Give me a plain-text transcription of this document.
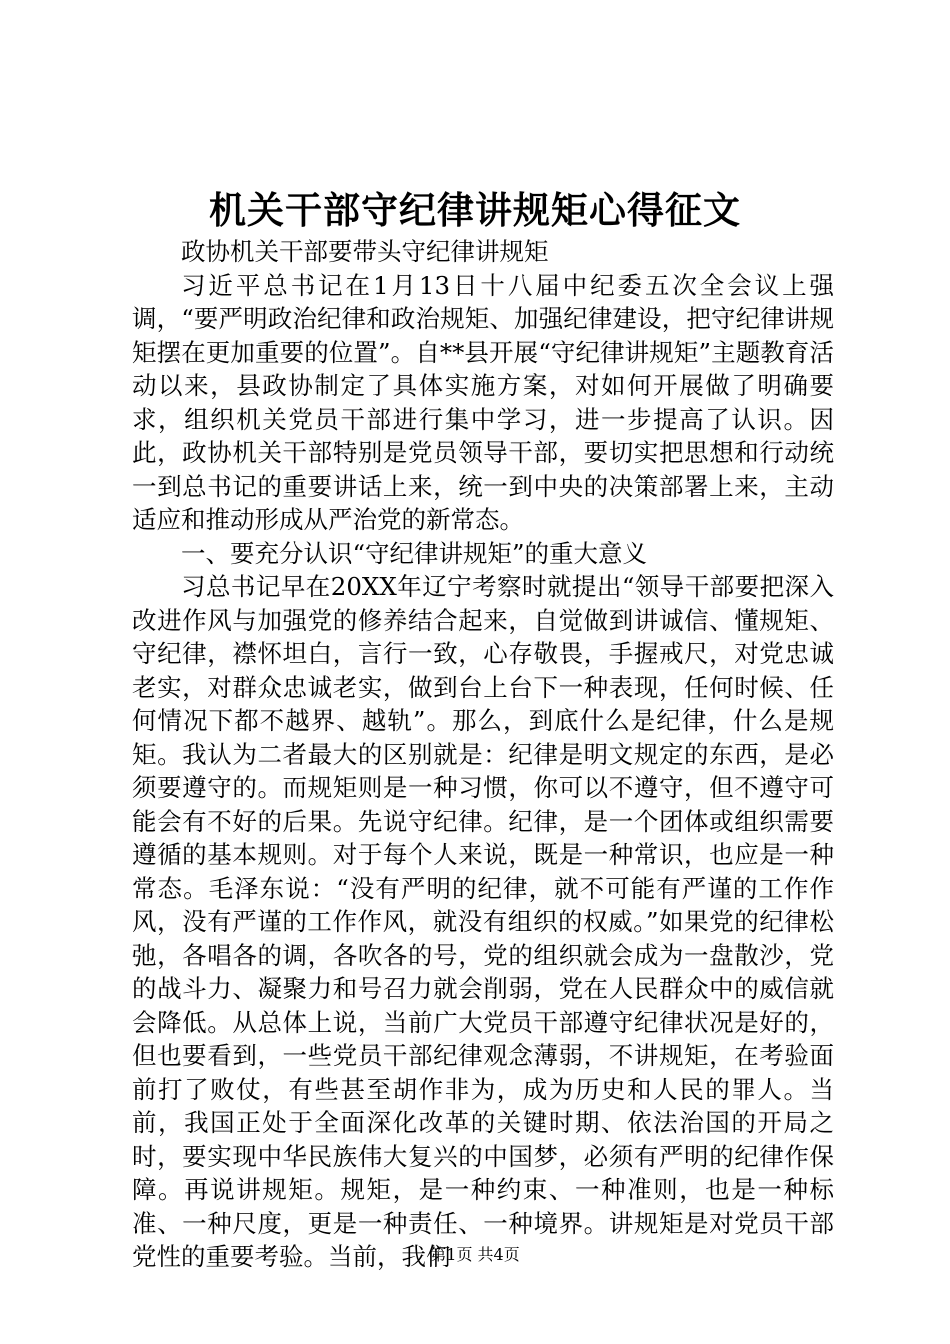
机关干部守纪律讲规矩心得征文

政协机关干部要带头守纪律讲规矩

习近平总书记在1月13日十八届中纪委五次全会议上强调，“要严明政治纪律和政治规矩、加强纪律建设，把守纪律讲规矩摆在更加重要的位置”。自**县开展“守纪律讲规矩”主题教育活动以来，县政协制定了具体实施方案，对如何开展做了明确要求，组织机关党员干部进行集中学习，进一步提高了认识。因此，政协机关干部特别是党员领导干部，要切实把思想和行动统一到总书记的重要讲话上来，统一到中央的决策部署上来，主动适应和推动形成从严治党的新常态。

一、要充分认识“守纪律讲规矩”的重大意义

习总书记早在20XX年辽宁考察时就提出“领导干部要把深入改进作风与加强党的修养结合起来，自觉做到讲诚信、懂规矩、守纪律，襟怀坦白，言行一致，心存敬畏，手握戒尺，对党忠诚老实，对群众忠诚老实，做到台上台下一种表现，任何时候、任何情况下都不越界、越轨”。那么，到底什么是纪律，什么是规矩。我认为二者最大的区别就是：纪律是明文规定的东西，是必须要遵守的。而规矩则是一种习惯，你可以不遵守，但不遵守可能会有不好的后果。先说守纪律。纪律，是一个团体或组织需要遵循的基本规则。对于每个人来说，既是一种常识，也应是一种常态。毛泽东说：“没有严明的纪律，就不可能有严谨的工作作风，没有严谨的工作作风，就没有组织的权威。”如果党的纪律松弛，各唱各的调，各吹各的号，党的组织就会成为一盘散沙，党的战斗力、凝聚力和号召力就会削弱，党在人民群众中的威信就会降低。从总体上说，当前广大党员干部遵守纪律状况是好的，但也要看到，一些党员干部纪律观念薄弱，不讲规矩，在考验面前打了败仗，有些甚至胡作非为，成为历史和人民的罪人。当前，我国正处于全面深化改革的关键时期、依法治国的开局之时，要实现中华民族伟大复兴的中国梦，必须有严明的纪律作保障。再说讲规矩。规矩，是一种约束、一种准则，也是一种标准、一种尺度，更是一种责任、一种境界。讲规矩是对党员干部党性的重要考验。当前，我们

第1页 共4页
